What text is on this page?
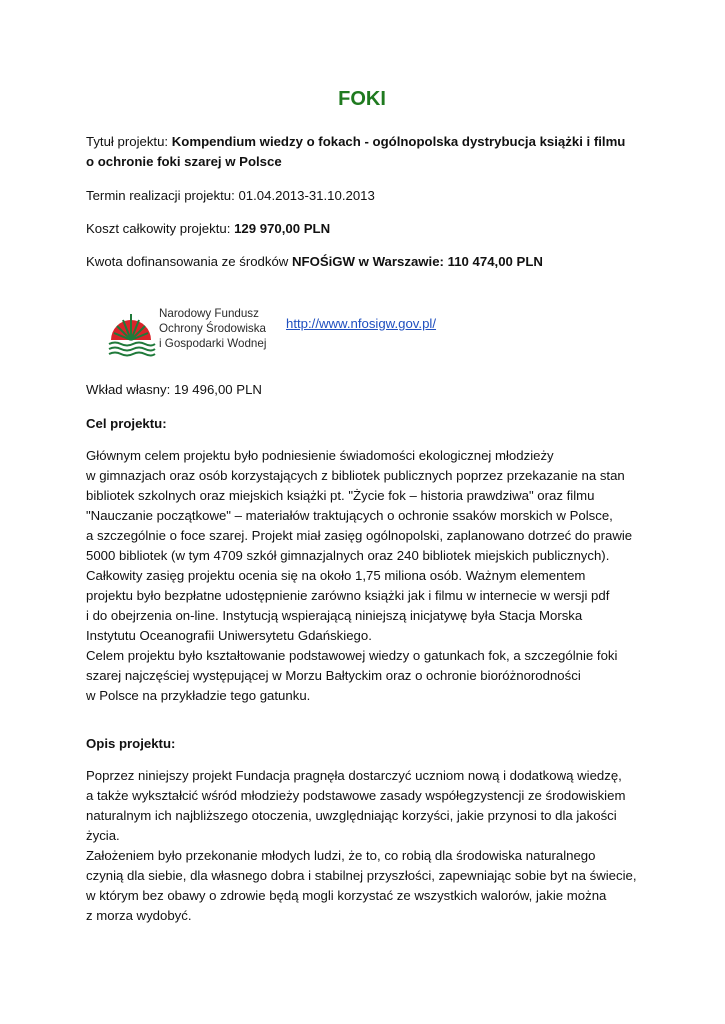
FOKI
Tytuł projektu: Kompendium wiedzy o fokach - ogólnopolska dystrybucja książki i filmu
o ochronie foki szarej w Polsce
Termin realizacji projektu: 01.04.2013-31.10.2013
Koszt całkowity projektu: 129 970,00 PLN
Kwota dofinansowania ze środków NFOŚiGW w Warszawie: 110 474,00 PLN
Narodowy Fundusz
Ochrony Środowiska
i Gospodarki Wodnej
http://www.nfosigw.gov.pl/
Wkład własny: 19 496,00 PLN
Cel projektu:
Głównym celem projektu było podniesienie świadomości ekologicznej młodzieży
w gimnazjach oraz osób korzystających z bibliotek publicznych poprzez przekazanie na stan
bibliotek szkolnych oraz miejskich książki pt. "Życie fok – historia prawdziwa" oraz filmu
"Nauczanie początkowe" – materiałów traktujących o ochronie ssaków morskich w Polsce,
a szczególnie o foce szarej. Projekt miał zasięg ogólnopolski, zaplanowano dotrzeć do prawie
5000 bibliotek (w tym 4709 szkół gimnazjalnych oraz 240 bibliotek miejskich publicznych).
Całkowity zasięg projektu ocenia się na około 1,75 miliona osób. Ważnym elementem
projektu było bezpłatne udostępnienie zarówno książki jak i filmu w internecie w wersji pdf
i do obejrzenia on-line. Instytucją wspierającą niniejszą inicjatywę była Stacja Morska
Instytutu Oceanografii Uniwersytetu Gdańskiego.
Celem projektu było kształtowanie podstawowej wiedzy o gatunkach fok, a szczególnie foki
szarej najczęściej występującej w Morzu Bałtyckim oraz o ochronie bioróżnorodności
w Polsce na przykładzie tego gatunku.
Opis projektu:
Poprzez niniejszy projekt Fundacja pragnęła dostarczyć uczniom nową i dodatkową wiedzę,
a także wykształcić wśród młodzieży podstawowe zasady współegzystencji ze środowiskiem
naturalnym ich najbliższego otoczenia, uwzględniając korzyści, jakie przynosi to dla jakości
życia.
Założeniem było przekonanie młodych ludzi, że to, co robią dla środowiska naturalnego
czynią dla siebie, dla własnego dobra i stabilnej przyszłości, zapewniając sobie byt na świecie,
w którym bez obawy o zdrowie będą mogli korzystać ze wszystkich walorów, jakie można
z morza wydobyć.
